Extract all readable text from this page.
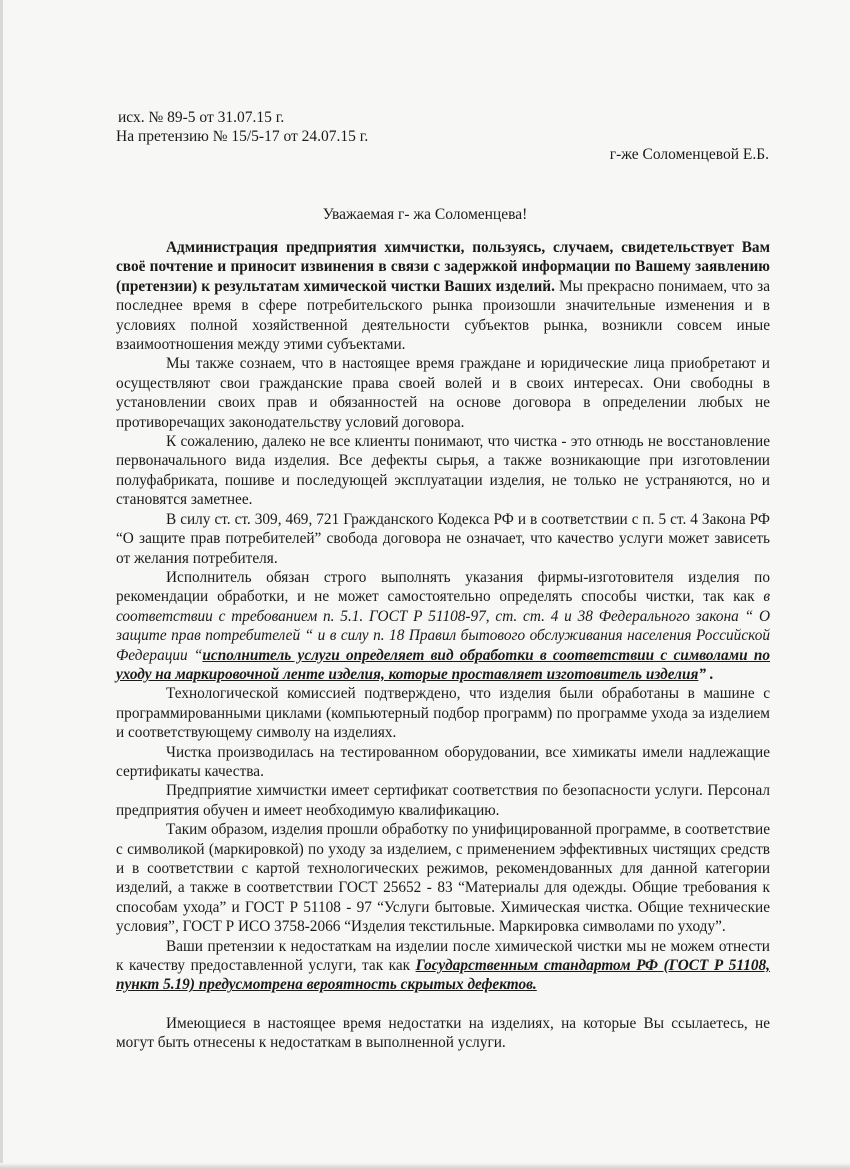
исх. № 89-5 от 31.07.15 г.
На претензию № 15/5-17 от 24.07.15 г.
г-же Соломенцевой Е.Б.
Уважаемая г- жа Соломенцева!

Администрация предприятия химчистки, пользуясь, случаем, свидетельствует Вам своё почтение и приносит извинения в связи с задержкой информации по Вашему заявлению (претензии) к результатам химической чистки Ваших изделий. Мы прекрасно понимаем, что за последнее время в сфере потребительского рынка произошли значительные изменения и в условиях полной хозяйственной деятельности субъектов рынка, возникли совсем иные взаимоотношения между этими субъектами.

Мы также сознаем, что в настоящее время граждане и юридические лица приобретают и осуществляют свои гражданские права своей волей и в своих интересах. Они свободны в установлении своих прав и обязанностей на основе договора в определении любых не противоречащих законодательству условий договора.

К сожалению, далеко не все клиенты понимают, что чистка - это отнюдь не восстановление первоначального вида изделия. Все дефекты сырья, а также возникающие при изготовлении полуфабриката, пошиве и последующей эксплуатации изделия, не только не устраняются, но и становятся заметнее.

В силу ст. ст. 309, 469, 721 Гражданского Кодекса РФ и в соответствии с п. 5 ст. 4 Закона РФ “О защите прав потребителей” свобода договора не означает, что качество услуги может зависеть от желания потребителя.

Исполнитель обязан строго выполнять указания фирмы-изготовителя изделия по рекомендации обработки, и не может самостоятельно определять способы чистки, так как в соответствии с требованием п. 5.1. ГОСТ Р 51108-97, ст. ст. 4 и 38 Федерального закона “ О защите прав потребителей “ и в силу п. 18 Правил бытового обслуживания населения Российской Федерации “исполнитель услуги определяет вид обработки в соответствии с символами по уходу на маркировочной ленте изделия, которые проставляет изготовитель изделия” .

Технологической комиссией подтверждено, что изделия были обработаны в машине с программированными циклами (компьютерный подбор программ) по программе ухода за изделием и соответствующему символу на изделиях.

Чистка производилась на тестированном оборудовании, все химикаты имели надлежащие сертификаты качества.

Предприятие химчистки имеет сертификат соответствия по безопасности услуги. Персонал предприятия обучен и имеет необходимую квалификацию.

Таким образом, изделия прошли обработку по унифицированной программе, в соответствие с символикой (маркировкой) по уходу за изделием, с применением эффективных чистящих средств и в соответствии с картой технологических режимов, рекомендованных для данной категории изделий, а также в соответствии ГОСТ 25652 - 83 “Материалы для одежды. Общие требования к способам ухода” и ГОСТ Р 51108 - 97 “Услуги бытовые. Химическая чистка. Общие технические условия”, ГОСТ Р ИСО 3758-2066 “Изделия текстильные. Маркировка символами по уходу”.

Ваши претензии к недостаткам на изделии после химической чистки мы не можем отнести к качеству предоставленной услуги, так как Государственным стандартом РФ (ГОСТ Р 51108, пункт 5.19) предусмотрена вероятность скрытых дефектов.

Имеющиеся в настоящее время недостатки на изделиях, на которые Вы ссылаетесь, не могут быть отнесены к недостаткам в выполненной услуги.
